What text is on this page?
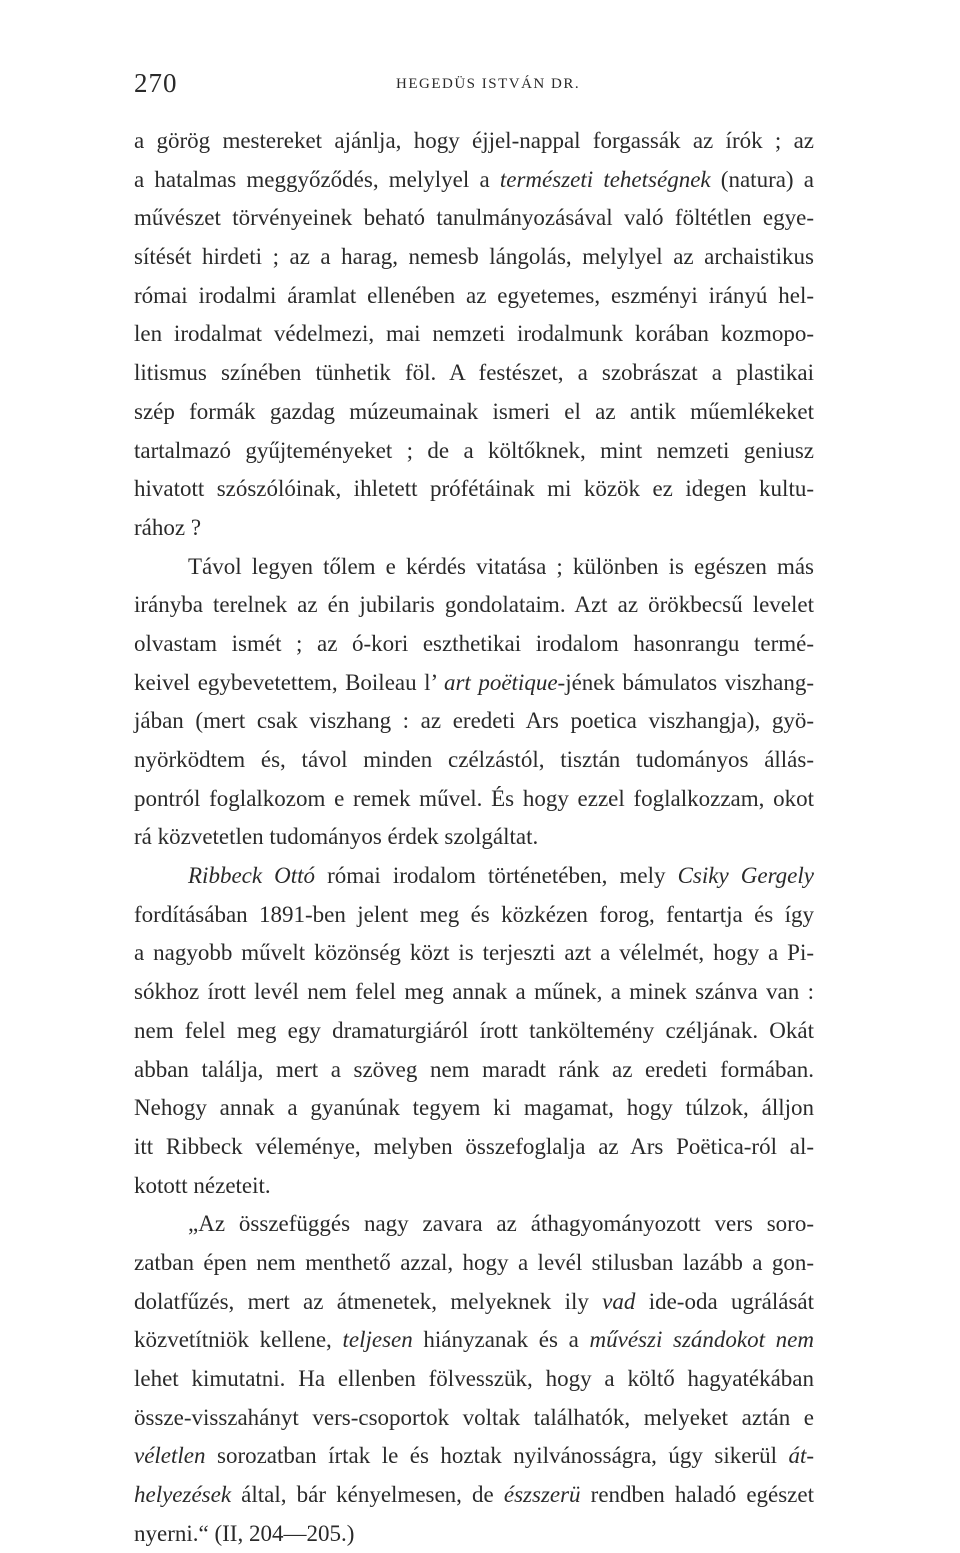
270	HEGEDÜS ISTVÁN DR.
a görög mestereket ajánlja, hogy éjjel-nappal forgassák az írók ; az
a hatalmas meggyőződés, melylyel a természeti tehetségnek (natura) a
művészet törvényeinek beható tanulmányozásával való föltétlen egye-
sítését hirdeti ; az a harag, nemesb lángolás, melylyel az archaistikus
római irodalmi áramlat ellenében az egyetemes, eszményi irányú hel-
len irodalmat védelmezi, mai nemzeti irodalmunk korában kozmopo-
litismus színében tünhetik föl. A festészet, a szobrászat a plastikai
szép formák gazdag múzeumainak ismeri el az antik műemlékeket
tartalmazó gyűjteményeket ; de a költőknek, mint nemzeti geniusz
hivatott szószólóinak, ihletett prófétáinak mi közök ez idegen kultu-
rához ?
Távol legyen tőlem e kérdés vitatása ; különben is egészen más
irányba terelnek az én jubilaris gondolataim. Azt az örökbecsű levelet
olvastam ismét ; az ó-kori eszthetikai irodalom hasonrangu termé-
keivel egybevetettem, Boileau l’ art poëtique-jének bámulatos viszhang-
jában (mert csak viszhang : az eredeti Ars poetica viszhangja), gyö-
nyörködtem és, távol minden czélzástól, tisztán tudományos állás-
pontról foglalkozom e remek művel. És hogy ezzel foglalkozzam, okot
rá közvetetlen tudományos érdek szolgáltat.
Ribbeck Ottó római irodalom történetében, mely Csiky Gergely
fordításában 1891-ben jelent meg és közkézen forog, fentartja és így
a nagyobb művelt közönség közt is terjeszti azt a vélelmét, hogy a Pi-
sókhoz írott levél nem felel meg annak a műnek, a minek szánva van :
nem felel meg egy dramaturgiáról írott tanköltemény czéljának. Okát
abban találja, mert a szöveg nem maradt ránk az eredeti formában.
Nehogy annak a gyanúnak tegyem ki magamat, hogy túlzok, álljon
itt Ribbeck véleménye, melyben összefoglalja az Ars Poëtica-ról al-
kotott nézeteit.
„Az összefüggés nagy zavara az áthagyományozott vers soro-
zatban épen nem menthető azzal, hogy a levél stilusban lazább a gon-
dolatfűzés, mert az átmenetek, melyeknek ily vad ide-oda ugrálását
közvetítniök kellene, teljesen hiányzanak és a művészi szándokot nem
lehet kimutatni. Ha ellenben fölvesszük, hogy a költő hagyatékában
össze-visszahányt vers-csoportok voltak találhatók, melyeket aztán e
véletlen sorozatban írtak le és hoztak nyilvánosságra, úgy sikerül át-
helyezések által, bár kényelmesen, de észszerü rendben haladó egészet
nyerni.“ (II, 204—205.)
